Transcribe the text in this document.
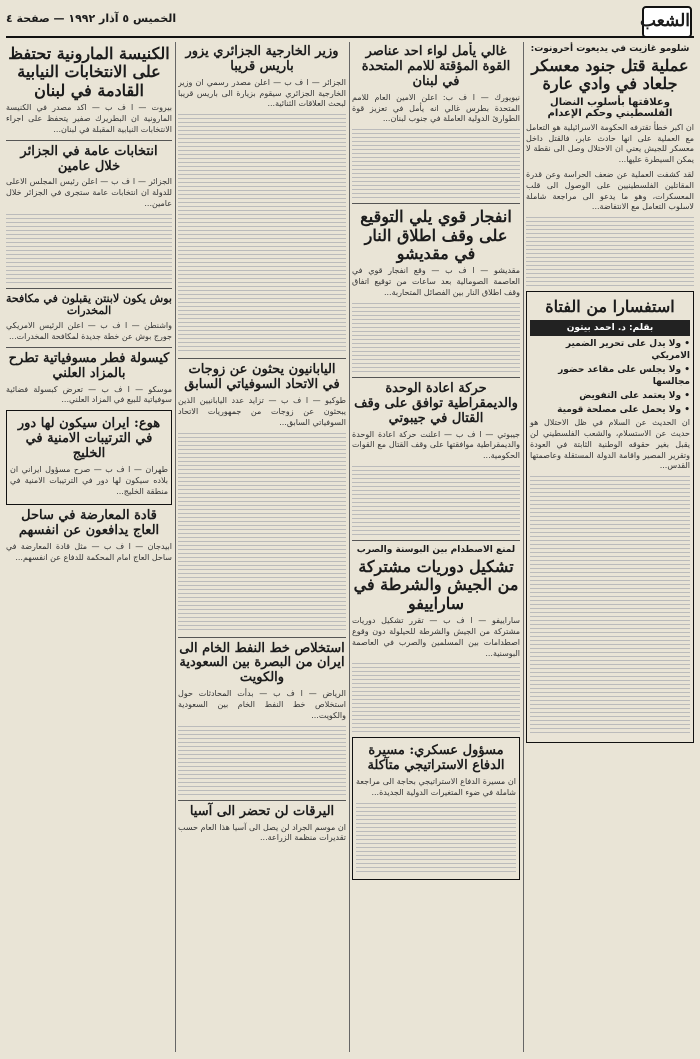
الشعب
الخميس ٥ آذار ١٩٩٢ — صفحة ٤
شلومو غازيت في يديعوت أحرونوت:
عملية قتل جنود معسكر جلعاد في وادي عارة
وعلاقتها بأسلوب النضال الفلسطيني وحكم الإعدام
ان اكبر خطأ تقترفه الحكومة الاسرائيلية هو التعامل مع العملية على انها حادث عابر، فالقتل داخل معسكر للجيش يعني ان الاحتلال وصل الى نقطة لا يمكن السيطرة عليها...
لقد كشفت العملية عن ضعف الحراسة وعن قدرة المقاتلين الفلسطينيين على الوصول الى قلب المعسكرات، وهو ما يدعو الى مراجعة شاملة لاسلوب التعامل مع الانتفاضة...
استفسارا من الفتاة
بقلم: د. احمد بيتون
• ولا يدل على تحرير الضمير الامريكي
• ولا يجلس على مقاعد حضور مجالسها
• ولا يعتمد على التفويض
• ولا يحمل على مصلحة قومية
ان الحديث عن السلام في ظل الاحتلال هو حديث عن الاستسلام، والشعب الفلسطيني لن يقبل بغير حقوقه الوطنية الثابتة في العودة وتقرير المصير واقامة الدولة المستقلة وعاصمتها القدس...
غالي يأمل لواء احد عناصر القوة المؤقتة للامم المتحدة في لبنان
نيويورك — ا ف ب: اعلن الامين العام للامم المتحدة بطرس غالي انه يأمل في تعزيز قوة الطوارئ الدولية العاملة في جنوب لبنان...
انفجار قوي يلي التوقيع على وقف اطلاق النار في مقديشو
مقديشو — ا ف ب — وقع انفجار قوي في العاصمة الصومالية بعد ساعات من توقيع اتفاق وقف اطلاق النار بين الفصائل المتحاربة...
حركة اعادة الوحدة والديمقراطية توافق على وقف القتال في جيبوتي
جيبوتي — ا ف ب — اعلنت حركة اعادة الوحدة والديمقراطية موافقتها على وقف القتال مع القوات الحكومية...
لمنع الاصطدام بين البوسنة والصرب
تشكيل دوريات مشتركة من الجيش والشرطة في ساراييفو
ساراييفو — ا ف ب — تقرر تشكيل دوريات مشتركة من الجيش والشرطة للحيلولة دون وقوع اصطدامات بين المسلمين والصرب في العاصمة البوسنية...
مسؤول عسكري: مسيرة الدفاع الاستراتيجي متآكلة
ان مسيرة الدفاع الاستراتيجي بحاجة الى مراجعة شاملة في ضوء المتغيرات الدولية الجديدة...
وزير الخارجية الجزائري يزور باريس قريبا
الجزائر — ا ف ب — اعلن مصدر رسمي ان وزير الخارجية الجزائري سيقوم بزيارة الى باريس قريبا لبحث العلاقات الثنائية...
اليابانيون يحثون عن زوجات في الاتحاد السوفياتي السابق
طوكيو — ا ف ب — تزايد عدد اليابانيين الذين يبحثون عن زوجات من جمهوريات الاتحاد السوفياتي السابق...
استخلاص خط النفط الخام الى ايران من البصرة بين السعودية والكويت
الرياض — ا ف ب — بدأت المحادثات حول استخلاص خط النفط الخام بين السعودية والكويت...
اليرقات لن تحضر الى آسيا
ان موسم الجراد لن يصل الى آسيا هذا العام حسب تقديرات منظمة الزراعة...
الكنيسة المارونية تحتفظ على الانتخابات النيابية القادمة في لبنان
بيروت — ا ف ب — اكد مصدر في الكنيسة المارونية ان البطريرك صفير يتحفظ على اجراء الانتخابات النيابية المقبلة في لبنان...
انتخابات عامة في الجزائر خلال عامين
الجزائر — ا ف ب — اعلن رئيس المجلس الاعلى للدولة ان انتخابات عامة ستجرى في الجزائر خلال عامين...
بوش يكون لابنتن يقبلون في مكافحة المخدرات
واشنطن — ا ف ب — اعلن الرئيس الامريكي جورج بوش عن خطة جديدة لمكافحة المخدرات...
كيسولة فطر مسوفياتية تطرح بالمزاد العلني
موسكو — ا ف ب — تعرض كبسولة فضائية سوفياتية للبيع في المزاد العلني...
هوع: ايران سيكون لها دور في الترتيبات الامنية في الخليج
طهران — ا ف ب — صرح مسؤول ايراني ان بلاده سيكون لها دور في الترتيبات الامنية في منطقة الخليج...
قادة المعارضة في ساحل العاج يدافعون عن انفسهم
ابيدجان — ا ف ب — مثل قادة المعارضة في ساحل العاج امام المحكمة للدفاع عن انفسهم...
